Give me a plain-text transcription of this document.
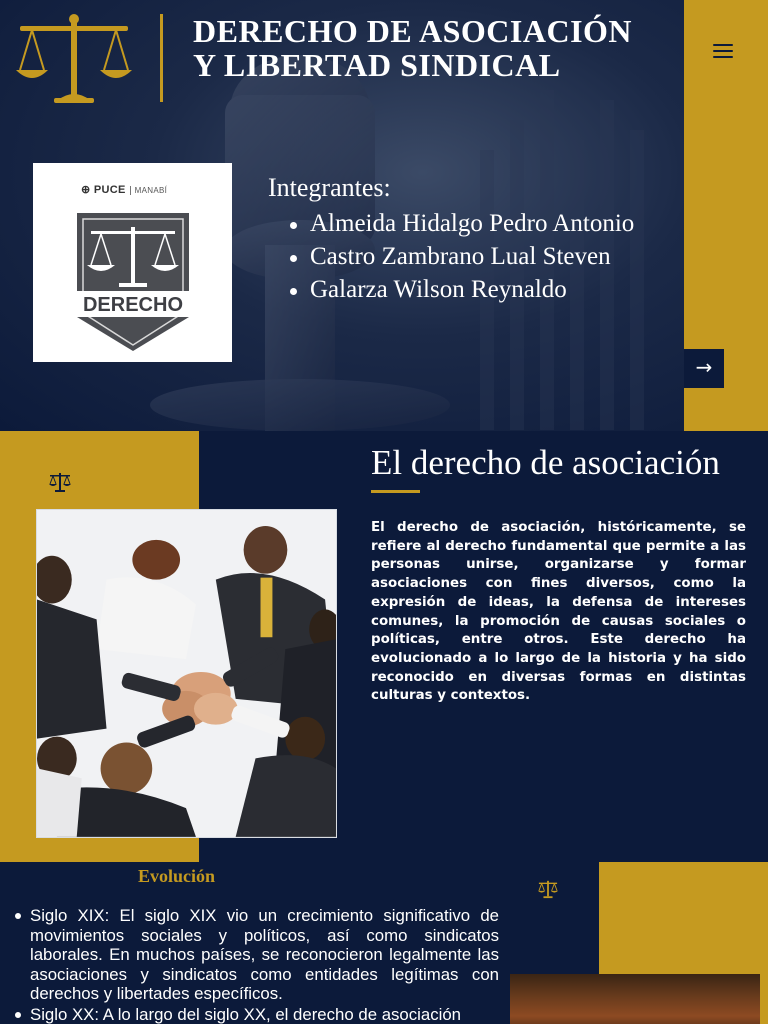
DERECHO DE ASOCIACIÓN
Y LIBERTAD SINDICAL
⊕ PUCE MANABÍ
DERECHO
Integrantes:
Almeida Hidalgo Pedro Antonio
Castro Zambrano Lual Steven
Galarza Wilson Reynaldo
→
El derecho de asociación

El derecho de asociación, históricamente, se refiere al derecho fundamental que permite a las personas unirse, organizarse y formar asociaciones con fines diversos, como la expresión de ideas, la defensa de intereses comunes, la promoción de causas sociales o políticas, entre otros. Este derecho ha evolucionado a lo largo de la historia y ha sido reconocido en diversas formas en distintas culturas y contextos.

Evolución
Siglo XIX: El siglo XIX vio un crecimiento significativo de movimientos sociales y políticos, así como sindicatos laborales. En muchos países, se reconocieron legalmente las asociaciones y sindicatos como entidades legítimas con derechos y libertades específicos.
Siglo XX: A lo largo del siglo XX, el derecho de asociación
